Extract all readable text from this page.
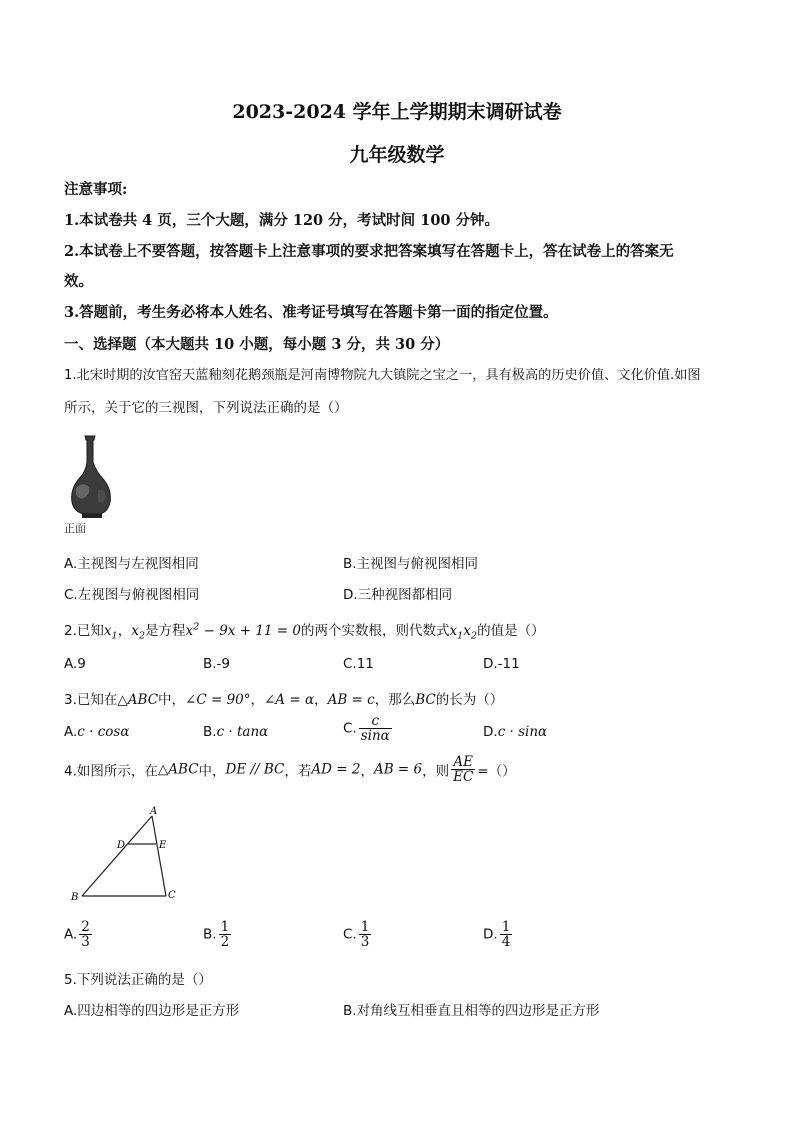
2023-2024 学年上学期期末调研试卷
九年级数学
注意事项:
1.本试卷共 4 页，三个大题，满分 120 分，考试时间 100 分钟。
2.本试卷上不要答题，按答题卡上注意事项的要求把答案填写在答题卡上，答在试卷上的答案无
效。
3.答题前，考生务必将本人姓名、准考证号填写在答题卡第一面的指定位置。
一、选择题（本大题共 10 小题，每小题 3 分，共 30 分）
1.北宋时期的汝官窑天蓝釉刻花鹅颈瓶是河南博物院九大镇院之宝之一，具有极高的历史价值、文化价值.如图
所示，关于它的三视图，下列说法正确的是（）
正面
A.主视图与左视图相同	B.主视图与俯视图相同
C.左视图与俯视图相同	D.三种视图都相同
2.已知$x_1$，$x_2$是方程$x^2 - 9x + 11 = 0$的两个实数根，则代数式$x_1x_2$的值是（）
A.9	B.-9	C.11	D.-11
3.已知在△ABC中，∠C = 90°，∠A = α，AB = c，那么BC的长为（）
A.c · cosα	B.c · tanα	C. $\frac{c}{\sin\alpha}$	D.c · sinα
4.如图所示，在△ABC中，DE // BC，若AD = 2，AB = 6，则 $\frac{AE}{EC}$ =（）
A
B	C
D	E
A. $\frac{2}{3}$	B. $\frac{1}{2}$	C. $\frac{1}{3}$	D. $\frac{1}{4}$
5.下列说法正确的是（）
A.四边相等的四边形是正方形	B.对角线互相垂直且相等的四边形是正方形
